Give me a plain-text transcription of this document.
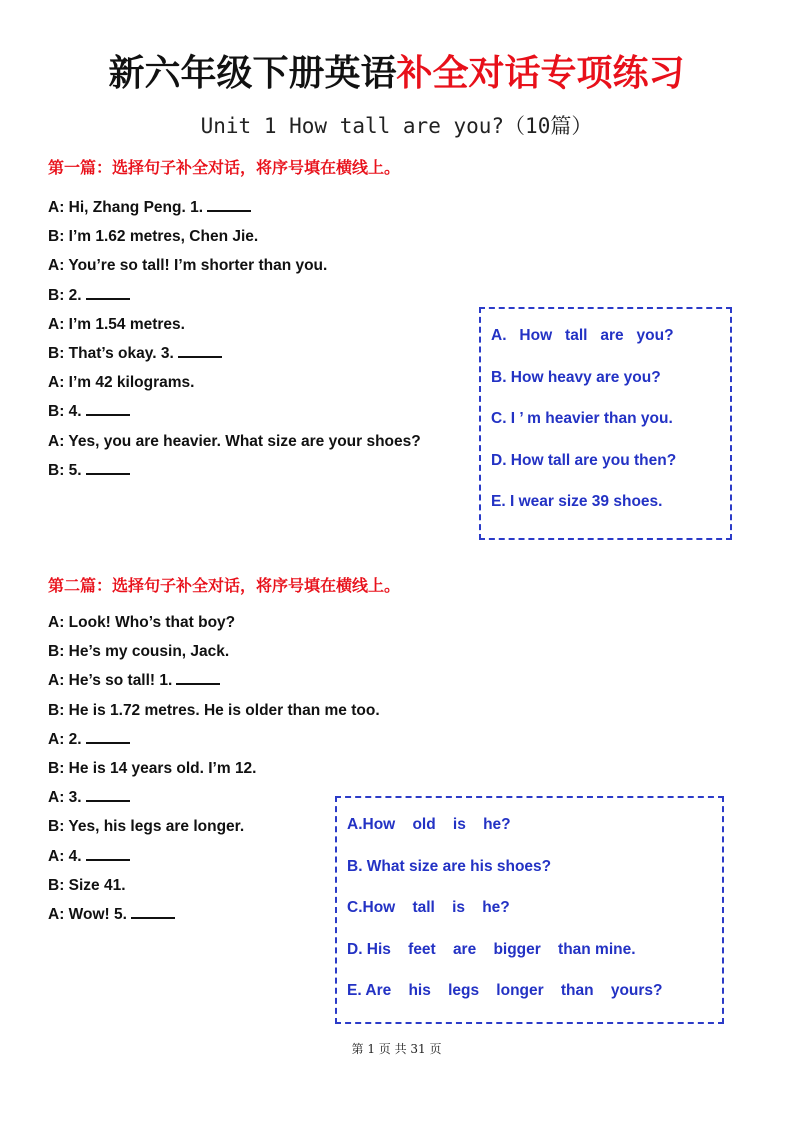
新六年级下册英语补全对话专项练习
Unit 1 How tall are you?（10篇）
第一篇：选择句子补全对话，将序号填在横线上。
A: Hi, Zhang Peng. 1.
B: I’m 1.62 metres, Chen Jie.
A: You’re so tall! I’m shorter than you.
B: 2.
A: I’m 1.54 metres.
B: That’s okay. 3.
A: I’m 42 kilograms.
B: 4.
A: Yes, you are heavier. What size are your shoes?
B: 5.
A.   How   tall   are   you?
B. How heavy are you?
C. I ’ m heavier than you.
D. How tall are you then?
E. I wear size 39 shoes.
第二篇：选择句子补全对话，将序号填在横线上。
A: Look! Who’s that boy?
B: He’s my cousin, Jack.
A: He’s so tall! 1.
B: He is 1.72 metres. He is older than me too.
A: 2.
B: He is 14 years old. I’m 12.
A: 3.
B: Yes, his legs are longer.
A: 4.
B: Size 41.
A: Wow! 5.
A.How    old    is    he?
B. What size are his shoes?
C.How    tall    is    he?
D. His    feet    are    bigger    than mine.
E. Are    his    legs    longer    than    yours?
第 1 页 共 31 页
